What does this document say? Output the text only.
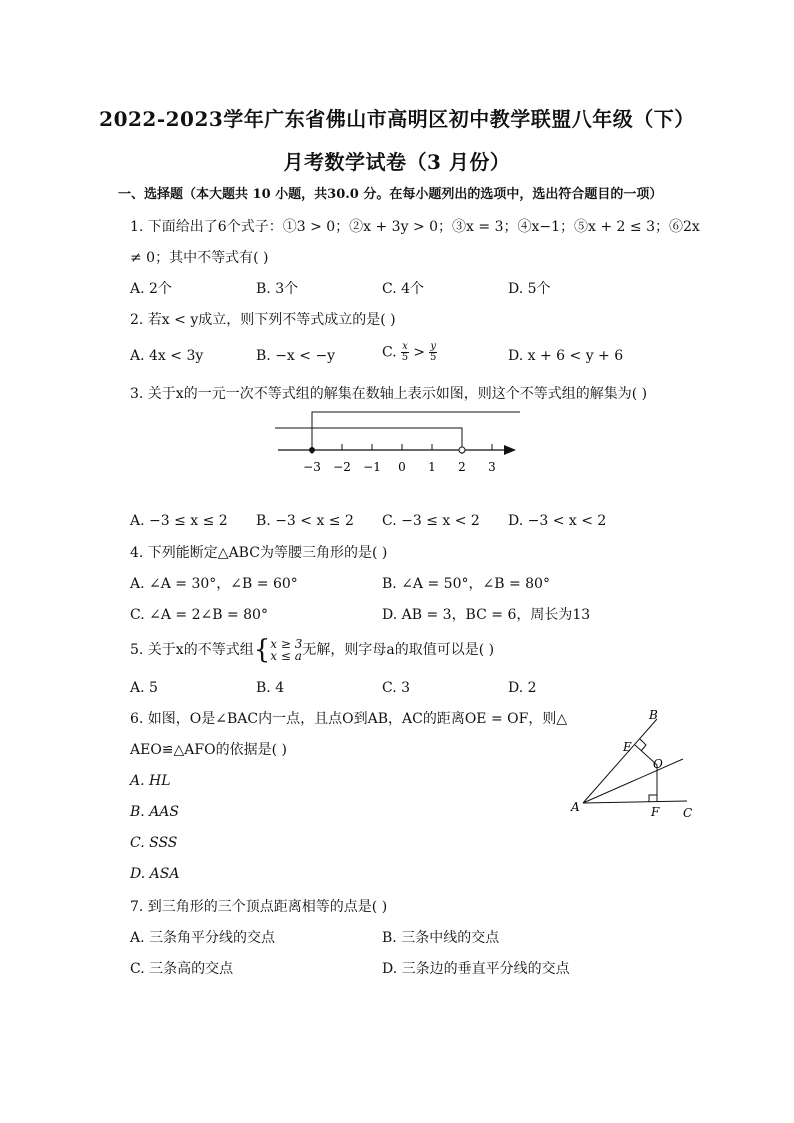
2022-2023学年广东省佛山市高明区初中教学联盟八年级（下）
月考数学试卷（3 月份）
一、选择题（本大题共 10 小题，共30.0 分。在每小题列出的选项中，选出符合题目的一项）
1. 下面给出了6个式子：①3 > 0；②x + 3y > 0；③x = 3；④x−1；⑤x + 2 ≤ 3；⑥2x
≠ 0；其中不等式有( )
A. 2个	B. 3个	C. 4个	D. 5个
2. 若x < y成立，则下列不等式成立的是( )
A. 4x < 3y	B. −x < −y	C. $\frac{x}{5} > \frac{y}{5}$	D. x + 6 < y + 6
3. 关于x的一元一次不等式组的解集在数轴上表示如图，则这个不等式组的解集为( )
−3 −2 −1 0 1 2 3
A. −3 ≤ x ≤ 2 B. −3 < x ≤ 2 C. −3 ≤ x < 2 D. −3 < x < 2
4. 下列能断定△ABC为等腰三角形的是( )
A. ∠A = 30°，∠B = 60°	B. ∠A = 50°，∠B = 80°
C. ∠A = 2∠B = 80°	D. AB = 3，BC = 6，周长为13
5. 关于x的不等式组{ x ≥ 3
x ≤ a 无解，则字母a的取值可以是( )
A. 5	B. 4	C. 3	D. 2
6. 如图，O是∠BAC内一点，且点O到AB，AC的距离OE = OF，则△
AEO≌△AFO的依据是( )
A. HL
B. AAS
C. SSS
D. ASA
A
B
C
E
O
F
7. 到三角形的三个顶点距离相等的点是( )
A. 三条角平分线的交点	B. 三条中线的交点
C. 三条高的交点	D. 三条边的垂直平分线的交点
